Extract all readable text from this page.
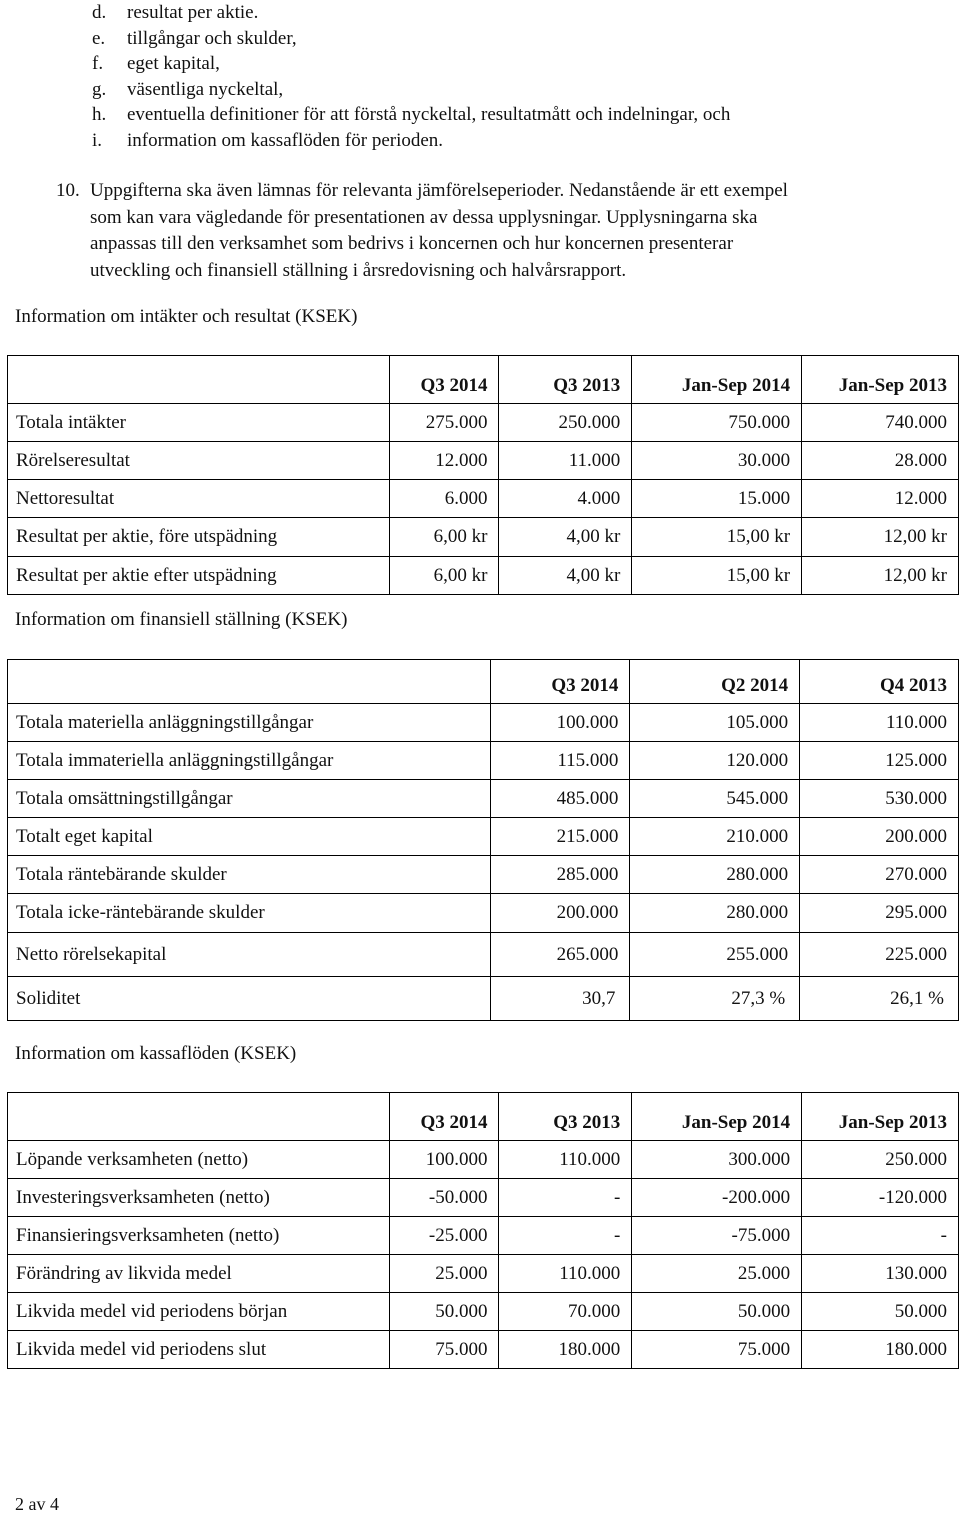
d.	resultat per aktie.
e.	tillgångar och skulder,
f.	eget kapital,
g.	väsentliga nyckeltal,
h.	eventuella definitioner för att förstå nyckeltal, resultatmått och indelningar, och
i.	information om kassaflöden för perioden.
10. Uppgifterna ska även lämnas för relevanta jämförelseperioder. Nedanstående är ett exempel
som kan vara vägledande för presentationen av dessa upplysningar. Upplysningarna ska
anpassas till den verksamhet som bedrivs i koncernen och hur koncernen presenterar
utveckling och finansiell ställning i årsredovisning och halvårsrapport.
Information om intäkter och resultat (KSEK)
	Q3 2014	Q3 2013	Jan-Sep 2014	Jan-Sep 2013
Totala intäkter	275.000	250.000	750.000	740.000
Rörelseresultat	12.000	11.000	30.000	28.000
Nettoresultat	6.000	4.000	15.000	12.000
Resultat per aktie, före utspädning	6,00 kr	4,00 kr	15,00 kr	12,00 kr
Resultat per aktie efter utspädning	6,00 kr	4,00 kr	15,00 kr	12,00 kr
Information om finansiell ställning (KSEK)
	Q3 2014	Q2 2014	Q4 2013
Totala materiella anläggningstillgångar	100.000	105.000	110.000
Totala immateriella anläggningstillgångar	115.000	120.000	125.000
Totala omsättningstillgångar	485.000	545.000	530.000
Totalt eget kapital	215.000	210.000	200.000
Totala räntebärande skulder	285.000	280.000	270.000
Totala icke-räntebärande skulder	200.000	280.000	295.000
Netto rörelsekapital	265.000	255.000	225.000
Soliditet	30,7	27,3 %	26,1 %
Information om kassaflöden (KSEK)
	Q3 2014	Q3 2013	Jan-Sep 2014	Jan-Sep 2013
Löpande verksamheten (netto)	100.000	110.000	300.000	250.000
Investeringsverksamheten (netto)	-50.000	-	-200.000	-120.000
Finansieringsverksamheten (netto)	-25.000	-	-75.000	-
Förändring av likvida medel	25.000	110.000	25.000	130.000
Likvida medel vid periodens början	50.000	70.000	50.000	50.000
Likvida medel vid periodens slut	75.000	180.000	75.000	180.000
2 av 4
